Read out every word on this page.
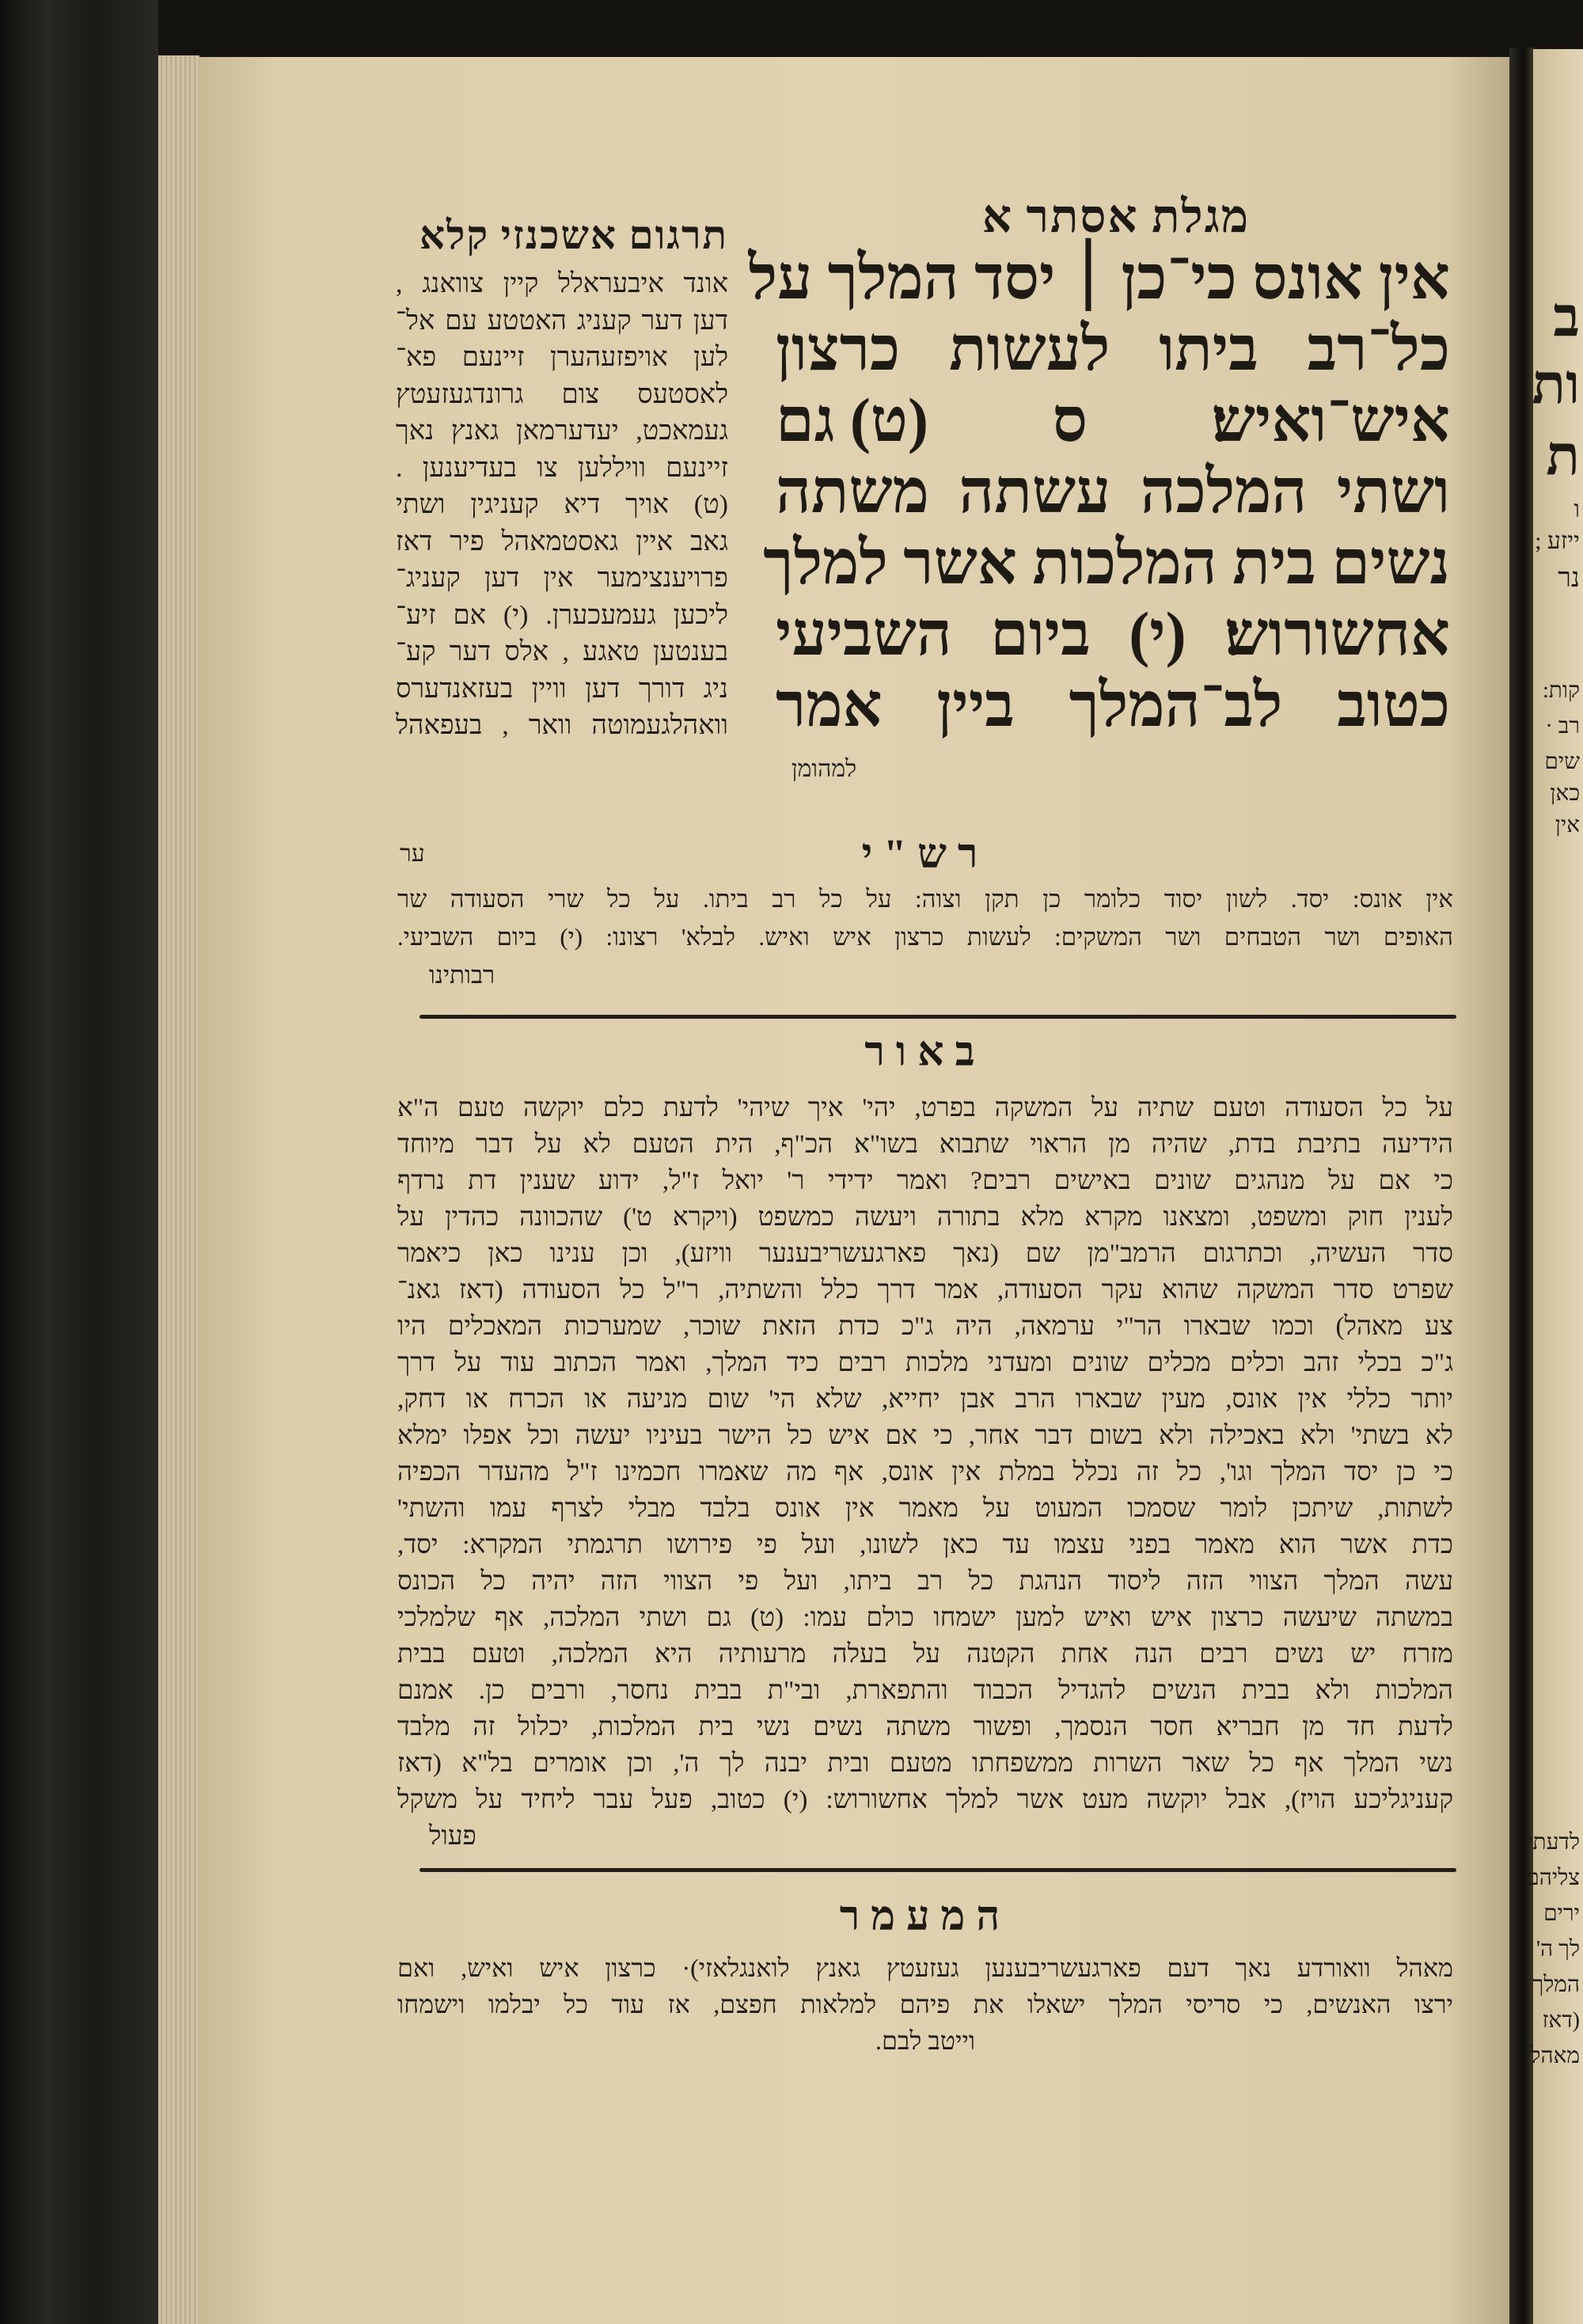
ב
ות
ת
ו
ייזע ;
נר
קות:
רב ·
שים
כאן
אין
לדעתי
צליהם
ירים
לך ה'
המלך
(דאז
מאהל
מגלת אסתר א
אין אונס כי־כן ׀ יסד המלך על
כל־רב ביתו לעשות כרצון
איש־ואיש׃
ס
(ט) גם
ושתי המלכה עשתה משתה
נשים בית המלכות אשר למלך
אחשורוש׃ (י) ביום השביעי
כטוב לב־המלך ביין אמר
למהומן
תרגום אשכנזי קלא
אונד איבעראלל קיין צוואנג ,
דען דער קעניג האטטע עם אל־
לען אויפזעהערן זיינעם פא־
לאסטעס צום גרונדגעזעטץ
געמאכט, יעדערמאן גאנץ נאך
זיינעם וויללען צו בעדיענען .
(ט) אויך דיא קעניגין ושתי
גאב איין גאסטמאהל פיר דאז
פרויענצימער אין דען קעניג־
ליכען געמעכערן. (י) אם זיע־
בענטען טאגע , אלס דער קע־
ניג דורך דען וויין בעזאנדערס
וואהלגעמוטה וואר , בעפאהל
ער	רש"י
אין אונס: יסד. לשון יסוד כלומר כן תקן וצוה: על כל רב ביתו. על כל שרי הסעודה שר
האופים ושר הטבחים ושר המשקים: לעשות כרצון איש ואיש. לבלא' רצונו: (י) ביום השביעי.
רבותינו
באור
על כל הסעודה וטעם שתיה על המשקה בפרט, יהי' איך שיהי' לדעת כלם יוקשה טעם ה"א
הידיעה בתיבת בדת, שהיה מן הראוי שתבוא בשו"א הכ"ף, הית הטעם לא על דבר מיוחד
כי אם על מנהגים שונים באישים רבים? ואמר ידידי ר' יואל ז"ל, ידוע שענין דת נרדף
לענין חוק ומשפט, ומצאנו מקרא מלא בתורה ויעשה כמשפט (ויקרא ט') שהכוונה כהדין על
סדר העשיה, וכתרגום הרמב"מן שם (נאך פארגעשריבענער וויזע), וכן ענינו כאן כיאמר
שפרט סדר המשקה שהוא עקר הסעודה, אמר דרך כלל והשתיה, ר"ל כל הסעודה (דאז גאנ־
צע מאהל) וכמו שבארו הר"י ערמאה, היה ג"כ כדת הזאת שוכר, שמערכות המאכלים היו
ג"כ בכלי זהב וכלים מכלים שונים ומעדני מלכות רבים כיד המלך, ואמר הכתוב עוד על דרך
יותר כללי אין אונס, מעין שבארו הרב אבן יחייא, שלא הי' שום מניעה או הכרח או דחק,
לא בשתי' ולא באכילה ולא בשום דבר אחר, כי אם איש כל הישר בעיניו יעשה וכל אפלו ימלא
כי כן יסד המלך וגו', כל זה נכלל במלת אין אונס, אף מה שאמרו חכמינו ז"ל מהעדר הכפיה
לשתות, שיתכן לומר שסמכו המעוט על מאמר אין אונס בלבד מבלי לצרף עמו והשתי'
כדת אשר הוא מאמר בפני עצמו עד כאן לשונו, ועל פי פירושו תרגמתי המקרא: יסד,
עשה המלך הצווי הזה ליסוד הנהגת כל רב ביתו, ועל פי הצווי הזה יהיה כל הכונס
במשתה שיעשה כרצון איש ואיש למען ישמחו כולם עמו: (ט) גם ושתי המלכה, אף שלמלכי
מזרח יש נשים רבים הנה אחת הקטנה על בעלה מרעותיה היא המלכה, וטעם בבית
המלכות ולא בבית הנשים להגדיל הכבוד והתפארת, ובי"ת בבית נחסר, ורבים כן. אמנם
לדעת חד מן חבריא חסר הנסמך, ופשור משתה נשים נשי בית המלכות, יכלול זה מלבד
נשי המלך אף כל שאר השרות ממשפחתו מטעם ובית יבנה לך ה', וכן אומרים בל"א (דאז
קעניגליכע הויז), אבל יוקשה מעט אשר למלך אחשורוש: (י) כטוב, פעל עבר ליחיד על משקל
פעול
המעמר
מאהל וואורדע נאך דעם פארגעשריבענען געזעטץ גאנץ לואנגלאזי)· כרצון איש ואיש, ואם
ירצו האנשים, כי סריסי המלך ישאלו את פיהם למלאות חפצם, אז עוד כל יבלמו וישמחו
וייטב לבם.
